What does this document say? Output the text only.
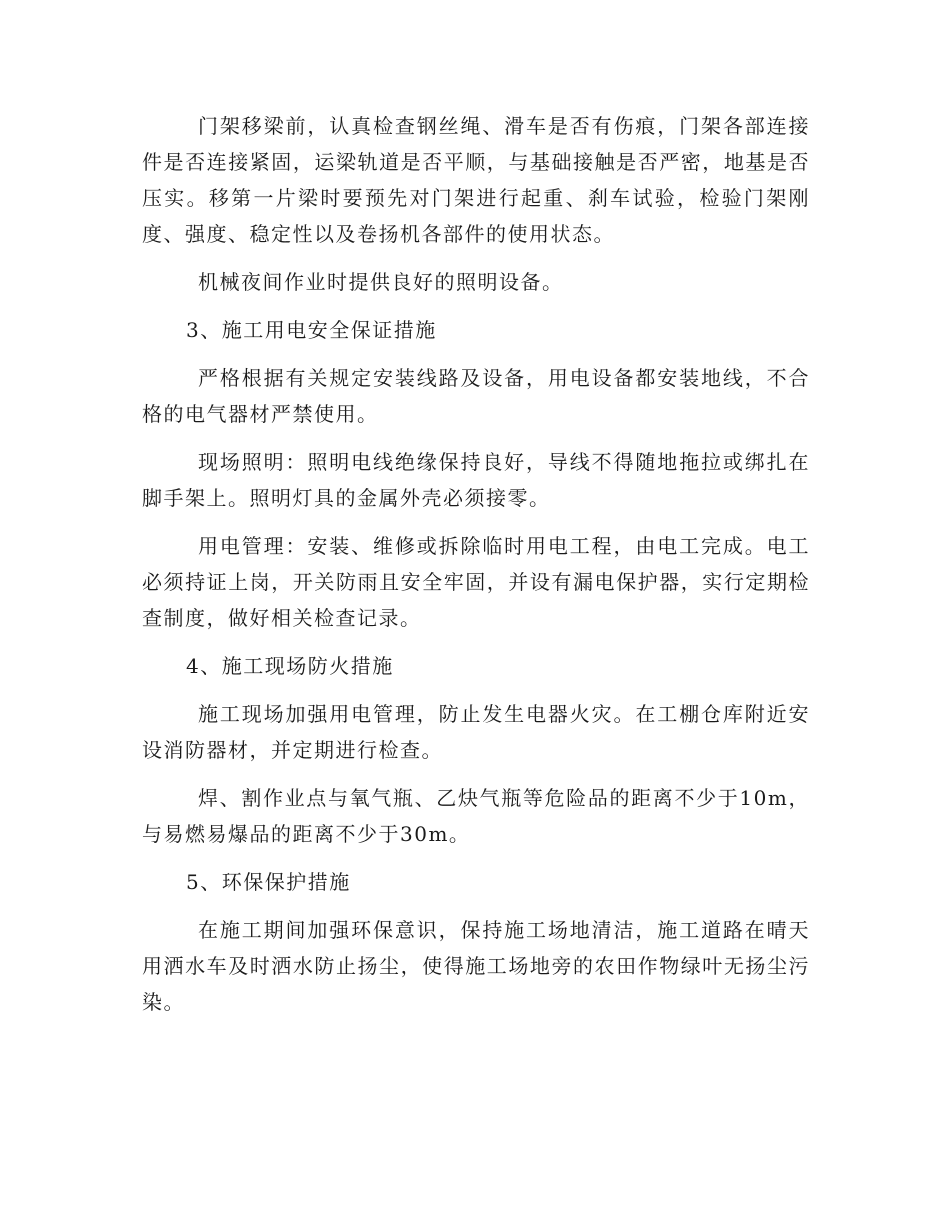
门架移梁前，认真检查钢丝绳、滑车是否有伤痕，门架各部连接件是否连接紧固，运梁轨道是否平顺，与基础接触是否严密，地基是否压实。移第一片梁时要预先对门架进行起重、刹车试验，检验门架刚度、强度、稳定性以及卷扬机各部件的使用状态。

机械夜间作业时提供良好的照明设备。

3、施工用电安全保证措施

严格根据有关规定安装线路及设备，用电设备都安装地线，不合格的电气器材严禁使用。

现场照明：照明电线绝缘保持良好，导线不得随地拖拉或绑扎在脚手架上。照明灯具的金属外壳必须接零。

用电管理：安装、维修或拆除临时用电工程，由电工完成。电工必须持证上岗，开关防雨且安全牢固，并设有漏电保护器，实行定期检查制度，做好相关检查记录。

4、施工现场防火措施

施工现场加强用电管理，防止发生电器火灾。在工棚仓库附近安设消防器材，并定期进行检查。

焊、割作业点与氧气瓶、乙炔气瓶等危险品的距离不少于10m，与易燃易爆品的距离不少于30m。

5、环保保护措施

在施工期间加强环保意识，保持施工场地清洁，施工道路在晴天用洒水车及时洒水防止扬尘，使得施工场地旁的农田作物绿叶无扬尘污染。
